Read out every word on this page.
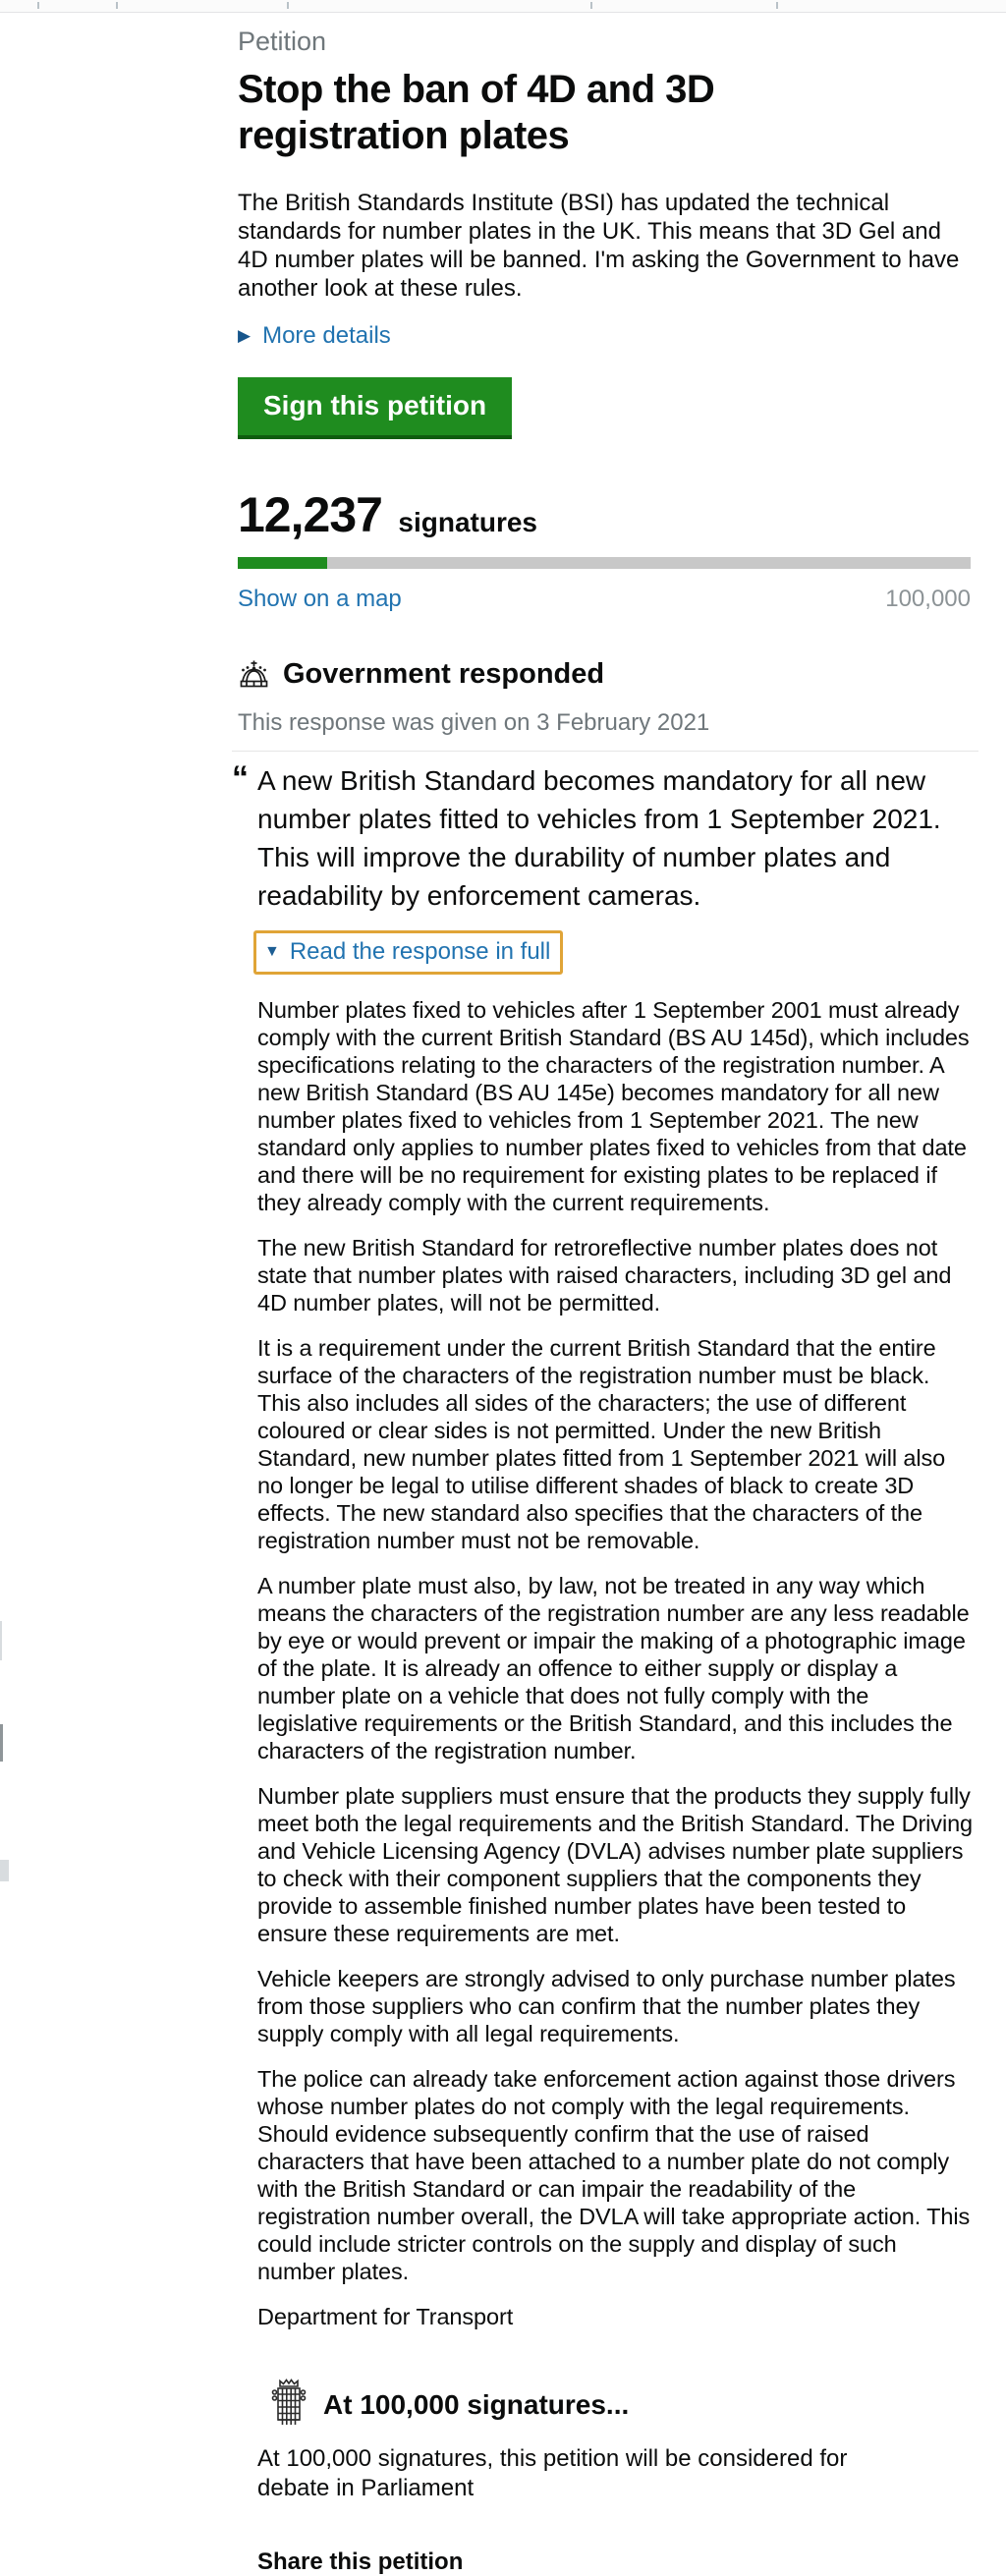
Petition
Stop the ban of 4D and 3D registration plates

The British Standards Institute (BSI) has updated the technical standards for number plates in the UK. This means that 3D Gel and 4D number plates will be banned. I'm asking the Government to have another look at these rules.

▶ More details

Sign this petition
12,237 signatures
Show on a map	100,000
Government responded

This response was given on 3 February 2021

“ A new British Standard becomes mandatory for all new number plates fitted to vehicles from 1 September 2021. This will improve the durability of number plates and readability by enforcement cameras.
▼ Read the response in full

Number plates fixed to vehicles after 1 September 2001 must already comply with the current British Standard (BS AU 145d), which includes specifications relating to the characters of the registration number. A new British Standard (BS AU 145e) becomes mandatory for all new number plates fixed to vehicles from 1 September 2021. The new standard only applies to number plates fixed to vehicles from that date and there will be no requirement for existing plates to be replaced if they already comply with the current requirements.

The new British Standard for retroreflective number plates does not state that number plates with raised characters, including 3D gel and 4D number plates, will not be permitted.

It is a requirement under the current British Standard that the entire surface of the characters of the registration number must be black. This also includes all sides of the characters; the use of different coloured or clear sides is not permitted. Under the new British Standard, new number plates fitted from 1 September 2021 will also no longer be legal to utilise different shades of black to create 3D effects. The new standard also specifies that the characters of the registration number must not be removable.

A number plate must also, by law, not be treated in any way which means the characters of the registration number are any less readable by eye or would prevent or impair the making of a photographic image of the plate. It is already an offence to either supply or display a number plate on a vehicle that does not fully comply with the legislative requirements or the British Standard, and this includes the characters of the registration number.

Number plate suppliers must ensure that the products they supply fully meet both the legal requirements and the British Standard. The Driving and Vehicle Licensing Agency (DVLA) advises number plate suppliers to check with their component suppliers that the components they provide to assemble finished number plates have been tested to ensure these requirements are met.

Vehicle keepers are strongly advised to only purchase number plates from those suppliers who can confirm that the number plates they supply comply with all legal requirements.

The police can already take enforcement action against those drivers whose number plates do not comply with the legal requirements. Should evidence subsequently confirm that the use of raised characters that have been attached to a number plate do not comply with the British Standard or can impair the readability of the registration number overall, the DVLA will take appropriate action. This could include stricter controls on the supply and display of such number plates.

Department for Transport

At 100,000 signatures...

At 100,000 signatures, this petition will be considered for debate in Parliament

Share this petition
